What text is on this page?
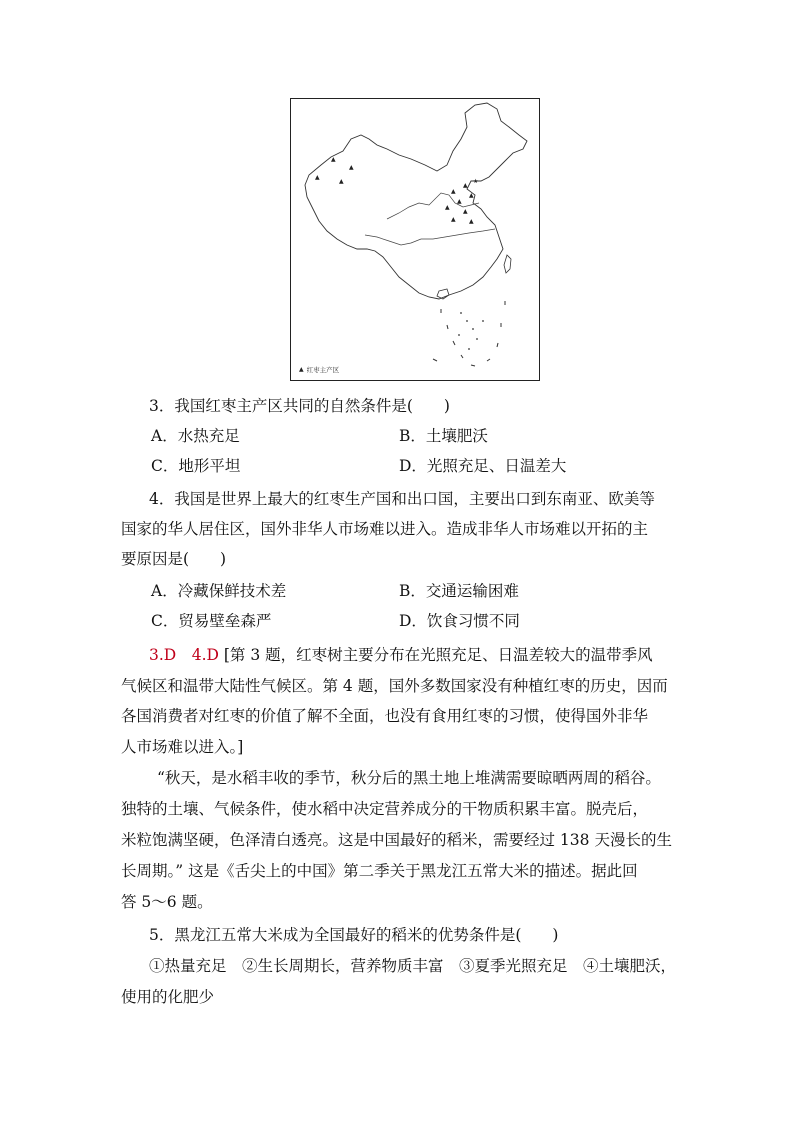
▲
▲
▲
▲
▲
▲
▲
▲
▲
▲
▲ ▲
★
▲ 红枣主产区
3．我国红枣主产区共同的自然条件是(　　)
A．水热充足	B．土壤肥沃
C．地形平坦	D．光照充足、日温差大
4．我国是世界上最大的红枣生产国和出口国，主要出口到东南亚、欧美等
国家的华人居住区，国外非华人市场难以进入。造成非华人市场难以开拓的主
要原因是(　　)
A．冷藏保鲜技术差	B．交通运输困难
C．贸易壁垒森严	D．饮食习惯不同
3.D　4.D [第 3 题，红枣树主要分布在光照充足、日温差较大的温带季风
气候区和温带大陆性气候区。第 4 题，国外多数国家没有种植红枣的历史，因而
各国消费者对红枣的价值了解不全面，也没有食用红枣的习惯，使得国外非华
人市场难以进入。]
“秋天，是水稻丰收的季节，秋分后的黑土地上堆满需要晾晒两周的稻谷。
独特的土壤、气候条件，使水稻中决定营养成分的干物质积累丰富。脱壳后，
米粒饱满坚硬，色泽清白透亮。这是中国最好的稻米，需要经过 138 天漫长的生
长周期。” 这是《舌尖上的中国》第二季关于黑龙江五常大米的描述。据此回
答 5～6 题。
5．黑龙江五常大米成为全国最好的稻米的优势条件是(　　)
①热量充足　②生长周期长，营养物质丰富　③夏季光照充足　④土壤肥沃，
使用的化肥少
